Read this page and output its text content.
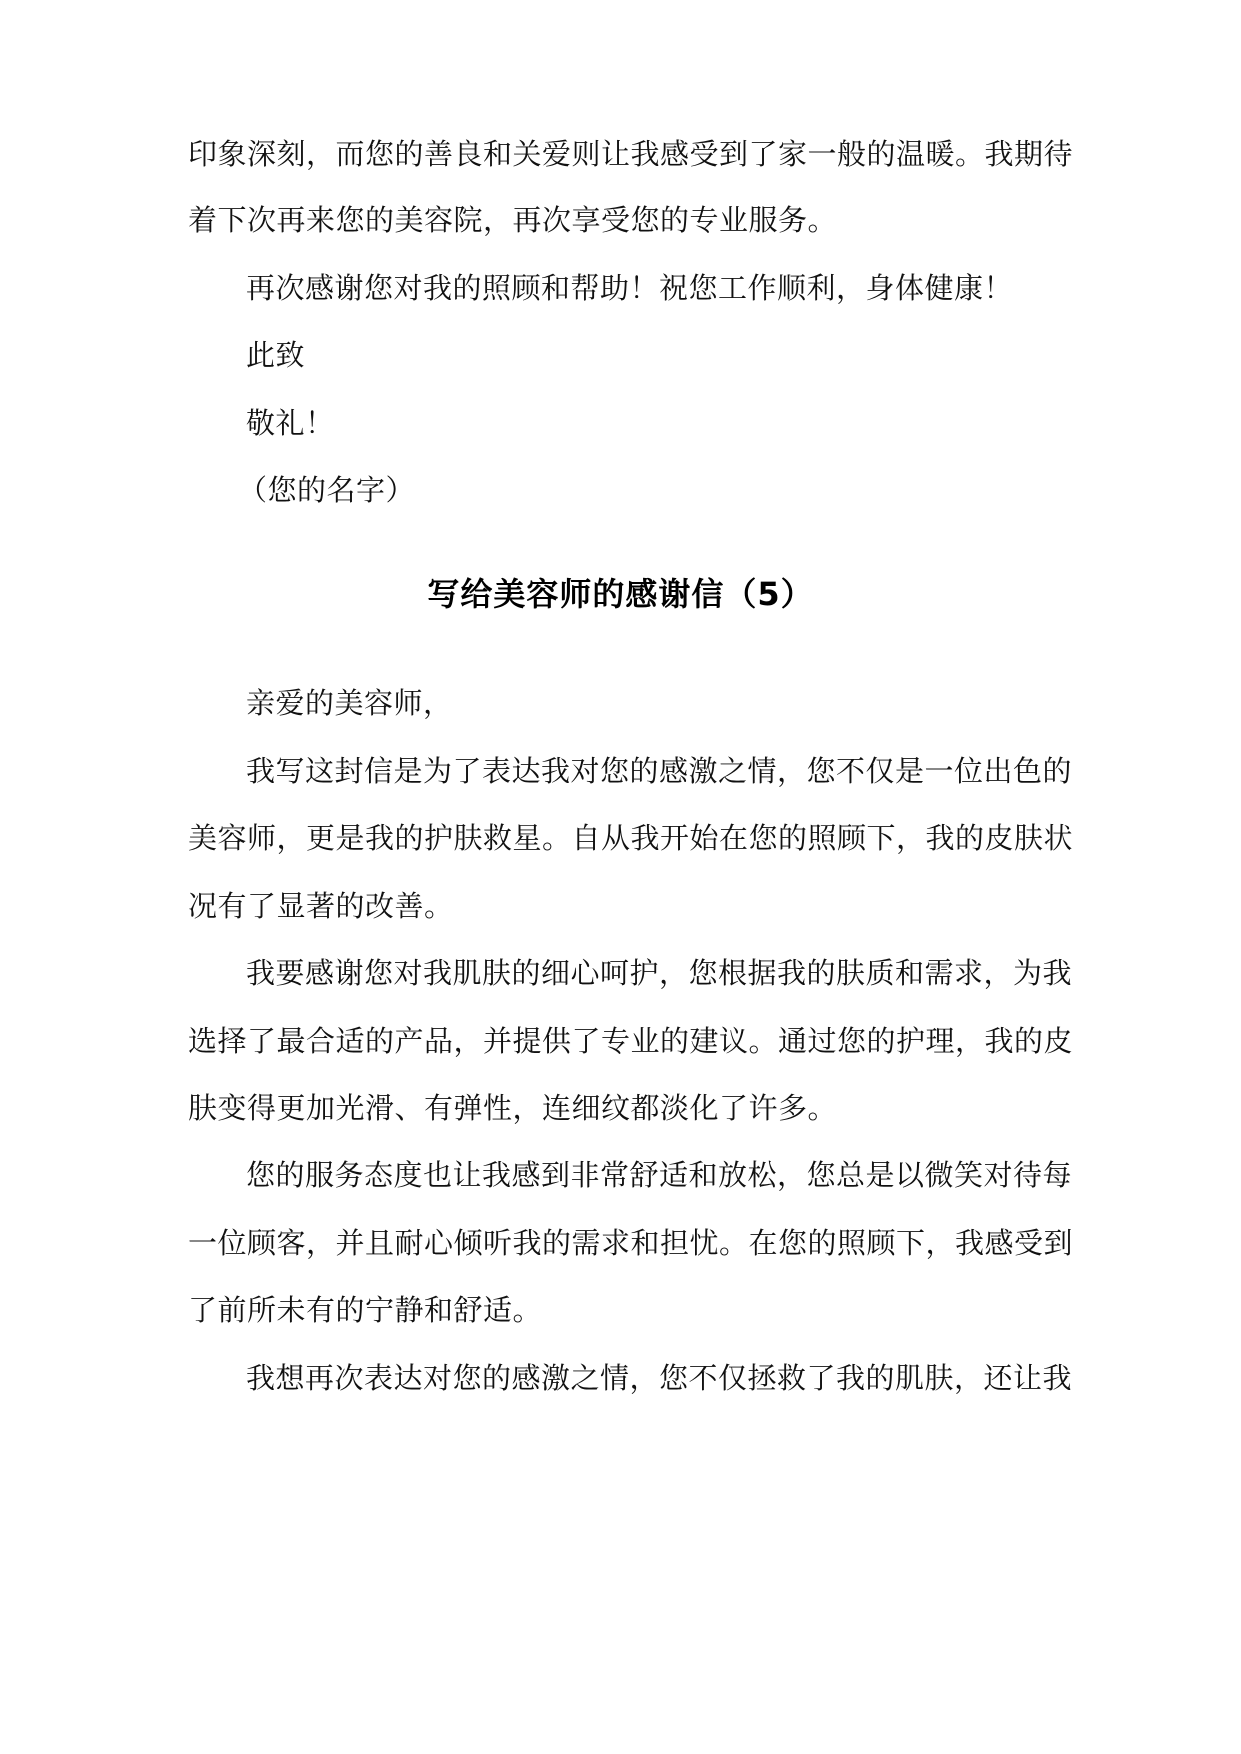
印象深刻，而您的善良和关爱则让我感受到了家一般的温暖。我期待
着下次再来您的美容院，再次享受您的专业服务。
再次感谢您对我的照顾和帮助！祝您工作顺利，身体健康！
此致
敬礼！
（您的名字）
写给美容师的感谢信（5）
亲爱的美容师，
我写这封信是为了表达我对您的感激之情，您不仅是一位出色的
美容师，更是我的护肤救星。自从我开始在您的照顾下，我的皮肤状
况有了显著的改善。
我要感谢您对我肌肤的细心呵护，您根据我的肤质和需求，为我
选择了最合适的产品，并提供了专业的建议。通过您的护理，我的皮
肤变得更加光滑、有弹性，连细纹都淡化了许多。
您的服务态度也让我感到非常舒适和放松，您总是以微笑对待每
一位顾客，并且耐心倾听我的需求和担忧。在您的照顾下，我感受到
了前所未有的宁静和舒适。
我想再次表达对您的感激之情，您不仅拯救了我的肌肤，还让我
